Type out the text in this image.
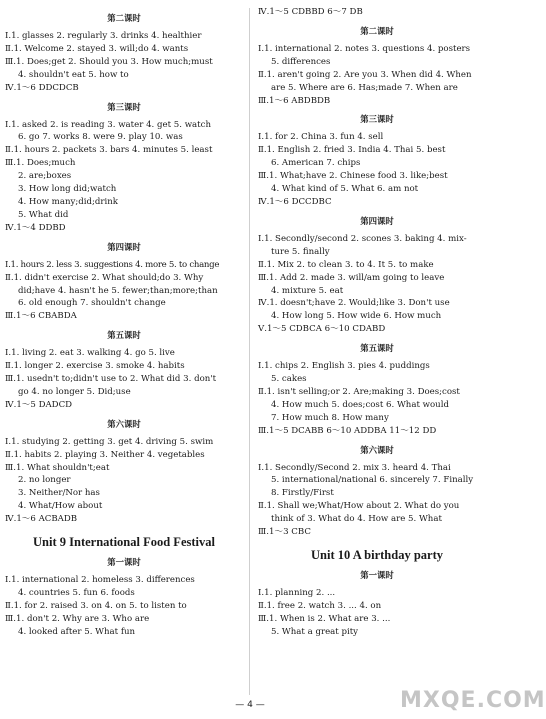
第二课时
Ⅰ.1. glasses 2. regularly 3. drinks 4. healthier
Ⅱ.1. Welcome 2. stayed 3. will;do 4. wants
Ⅲ.1. Does;get 2. Should you 3. How much;must
4. shouldn't eat 5. how to
Ⅳ.1～6 DDCDCB
第三课时
Ⅰ.1. asked 2. is reading 3. water 4. get 5. watch
6. go 7. works 8. were 9. play 10. was
Ⅱ.1. hours 2. packets 3. bars 4. minutes 5. least
Ⅲ.1. Does;much
2. are;boxes
3. How long did;watch
4. How many;did;drink
5. What did
Ⅳ.1～4 DDBD
第四课时
Ⅰ.1. hours 2. less 3. suggestions 4. more 5. to change
Ⅱ.1. didn't exercise 2. What should;do 3. Why
did;have 4. hasn't he 5. fewer;than;more;than
6. old enough 7. shouldn't change
Ⅲ.1～6 CBABDA
第五课时
Ⅰ.1. living 2. eat 3. walking 4. go 5. live
Ⅱ.1. longer 2. exercise 3. smoke 4. habits
Ⅲ.1. usedn't to;didn't use to 2. What did 3. don't
go 4. no longer 5. Did;use
Ⅳ.1～5 DADCD
第六课时
Ⅰ.1. studying 2. getting 3. get 4. driving 5. swim
Ⅱ.1. habits 2. playing 3. Neither 4. vegetables
Ⅲ.1. What shouldn't;eat
2. no longer
3. Neither/Nor has
4. What/How about
Ⅳ.1～6 ACBADB
Unit 9 International Food Festival
第一课时
Ⅰ.1. international 2. homeless 3. differences
4. countries 5. fun 6. foods
Ⅱ.1. for 2. raised 3. on 4. on 5. to listen to
Ⅲ.1. don't 2. Why are 3. Who are
4. looked after 5. What fun
Ⅳ.1～5 CDBBD 6～7 DB
第二课时
Ⅰ.1. international 2. notes 3. questions 4. posters
5. differences
Ⅱ.1. aren't going 2. Are you 3. When did 4. When
are 5. Where are 6. Has;made 7. When are
Ⅲ.1～6 ABDBDB
第三课时
Ⅰ.1. for 2. China 3. fun 4. sell
Ⅱ.1. English 2. fried 3. India 4. Thai 5. best
6. American 7. chips
Ⅲ.1. What;have 2. Chinese food 3. like;best
4. What kind of 5. What 6. am not
Ⅳ.1～6 DCCDBC
第四课时
Ⅰ.1. Secondly/second 2. scones 3. baking 4. mix-
ture 5. finally
Ⅱ.1. Mix 2. to clean 3. to 4. It 5. to make
Ⅲ.1. Add 2. made 3. will/am going to leave
4. mixture 5. eat
Ⅳ.1. doesn't;have 2. Would;like 3. Don't use
4. How long 5. How wide 6. How much
Ⅴ.1～5 CDBCA 6～10 CDABD
第五课时
Ⅰ.1. chips 2. English 3. pies 4. puddings
5. cakes
Ⅱ.1. isn't selling;or 2. Are;making 3. Does;cost
4. How much 5. does;cost 6. What would
7. How much 8. How many
Ⅲ.1～5 DCABB 6～10 ADDBA 11～12 DD
第六课时
Ⅰ.1. Secondly/Second 2. mix 3. heard 4. Thai
5. international/national 6. sincerely 7. Finally
8. Firstly/First
Ⅱ.1. Shall we;What/How about 2. What do you
think of 3. What do 4. How are 5. What
Ⅲ.1～3 CBC
Unit 10 A birthday party
第一课时
Ⅰ.1. planning 2. ...
Ⅱ.1. free 2. watch 3. ... 4. on
Ⅲ.1. When is 2. What are 3. ...
5. What a great pity
MXQE.COM
— 4 —
